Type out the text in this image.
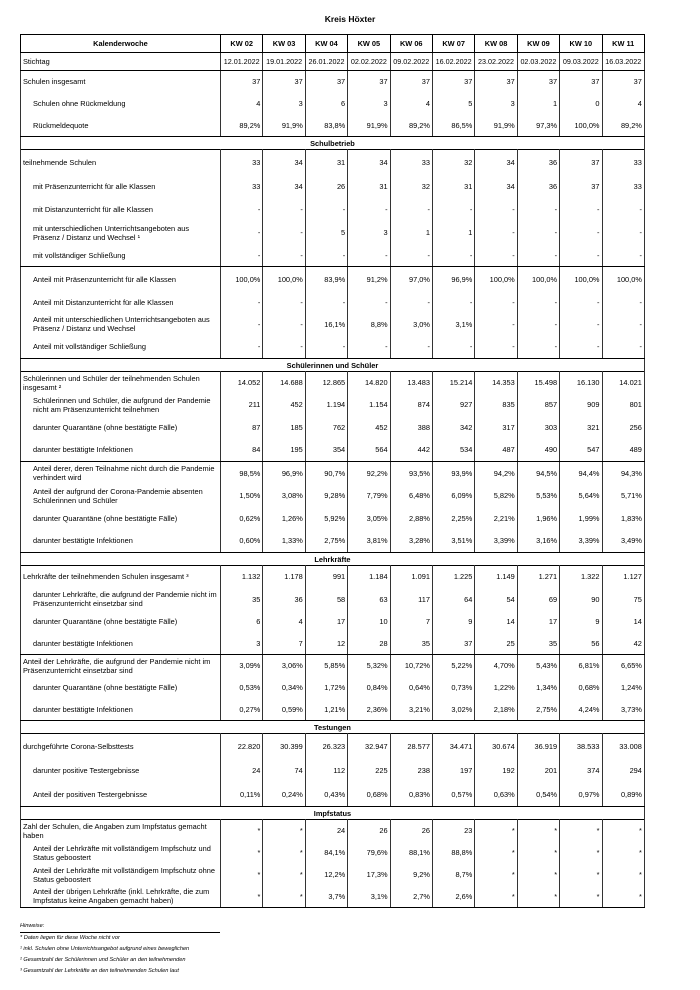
Kreis Höxter
Kalenderwoche	KW 02	KW 03	KW 04	KW 05	KW 06	KW 07	KW 08	KW 09	KW 10	KW 11
Stichtag	12.01.2022	19.01.2022	26.01.2022	02.02.2022	09.02.2022	16.02.2022	23.02.2022	02.03.2022	09.03.2022	16.03.2022
Schulen insgesamt	37	37	37	37	37	37	37	37	37	37
Schulen ohne Rückmeldung	4	3	6	3	4	5	3	1	0	4
Rückmeldequote	89,2%	91,9%	83,8%	91,9%	89,2%	86,5%	91,9%	97,3%	100,0%	89,2%
Schulbetrieb										
teilnehmende Schulen	33	34	31	34	33	32	34	36	37	33
mit Präsenzunterricht für alle Klassen	33	34	26	31	32	31	34	36	37	33
mit Distanzunterricht für alle Klassen	-	-	-	-	-	-	-	-	-	-
mit unterschiedlichen Unterrichtsangeboten aus Präsenz / Distanz und Wechsel ¹	-	-	5	3	1	1	-	-	-	-
mit vollständiger Schließung	-	-	-	-	-	-	-	-	-	-
Anteil mit Präsenzunterricht für alle Klassen	100,0%	100,0%	83,9%	91,2%	97,0%	96,9%	100,0%	100,0%	100,0%	100,0%
Anteil mit Distanzunterricht für alle Klassen	-	-	-	-	-	-	-	-	-	-
Anteil mit unterschiedlichen Unterrichtsangeboten aus Präsenz / Distanz und Wechsel	-	-	16,1%	8,8%	3,0%	3,1%	-	-	-	-
Anteil mit vollständiger Schließung	-	-	-	-	-	-	-	-	-	-
Schülerinnen und Schüler										
Schülerinnen und Schüler der teilnehmenden Schulen insgesamt ²	14.052	14.688	12.865	14.820	13.483	15.214	14.353	15.498	16.130	14.021
Schülerinnen und Schüler, die aufgrund der Pandemie nicht am Präsenzunterricht teilnehmen	211	452	1.194	1.154	874	927	835	857	909	801
darunter Quarantäne (ohne bestätigte Fälle)	87	185	762	452	388	342	317	303	321	256
darunter bestätigte Infektionen	84	195	354	564	442	534	487	490	547	489
Anteil derer, deren Teilnahme nicht durch die Pandemie verhindert wird	98,5%	96,9%	90,7%	92,2%	93,5%	93,9%	94,2%	94,5%	94,4%	94,3%
Anteil der aufgrund der Corona-Pandemie absenten Schülerinnen und Schüler	1,50%	3,08%	9,28%	7,79%	6,48%	6,09%	5,82%	5,53%	5,64%	5,71%
darunter Quarantäne (ohne bestätigte Fälle)	0,62%	1,26%	5,92%	3,05%	2,88%	2,25%	2,21%	1,96%	1,99%	1,83%
darunter bestätigte Infektionen	0,60%	1,33%	2,75%	3,81%	3,28%	3,51%	3,39%	3,16%	3,39%	3,49%
Lehrkräfte										
Lehrkräfte der teilnehmenden Schulen insgesamt ³	1.132	1.178	991	1.184	1.091	1.225	1.149	1.271	1.322	1.127
darunter Lehrkräfte, die aufgrund der Pandemie nicht im Präsenzunterricht einsetzbar sind	35	36	58	63	117	64	54	69	90	75
darunter Quarantäne (ohne bestätigte Fälle)	6	4	17	10	7	9	14	17	9	14
darunter bestätigte Infektionen	3	7	12	28	35	37	25	35	56	42
Anteil der Lehrkräfte, die aufgrund der Pandemie nicht im Präsenzunterricht einsetzbar sind	3,09%	3,06%	5,85%	5,32%	10,72%	5,22%	4,70%	5,43%	6,81%	6,65%
darunter Quarantäne (ohne bestätigte Fälle)	0,53%	0,34%	1,72%	0,84%	0,64%	0,73%	1,22%	1,34%	0,68%	1,24%
darunter bestätigte Infektionen	0,27%	0,59%	1,21%	2,36%	3,21%	3,02%	2,18%	2,75%	4,24%	3,73%
Testungen										
durchgeführte Corona-Selbsttests	22.820	30.399	26.323	32.947	28.577	34.471	30.674	36.919	38.533	33.008
darunter positive Testergebnisse	24	74	112	225	238	197	192	201	374	294
Anteil der positiven Testergebnisse	0,11%	0,24%	0,43%	0,68%	0,83%	0,57%	0,63%	0,54%	0,97%	0,89%
Impfstatus										
Zahl der Schulen, die Angaben zum Impfstatus gemacht haben	*	*	24	26	26	23	*	*	*	*
Anteil der Lehrkräfte mit vollständigem Impfschutz und Status geboostert	*	*	84,1%	79,6%	88,1%	88,8%	*	*	*	*
Anteil der Lehrkräfte mit vollständigem Impfschutz ohne Status geboostert	*	*	12,2%	17,3%	9,2%	8,7%	*	*	*	*
Anteil der übrigen Lehrkräfte (inkl. Lehrkräfte, die zum Impfstatus keine Angaben gemacht haben)	*	*	3,7%	3,1%	2,7%	2,6%	*	*	*	*
Hinweise:
* Daten liegen für diese Woche nicht vor
¹ inkl. Schulen ohne Unterrichtsangebot aufgrund eines beweglichen
² Gesamtzahl der Schülerinnen und Schüler an den teilnehmenden
³ Gesamtzahl der Lehrkräfte an den teilnehmenden Schulen laut
